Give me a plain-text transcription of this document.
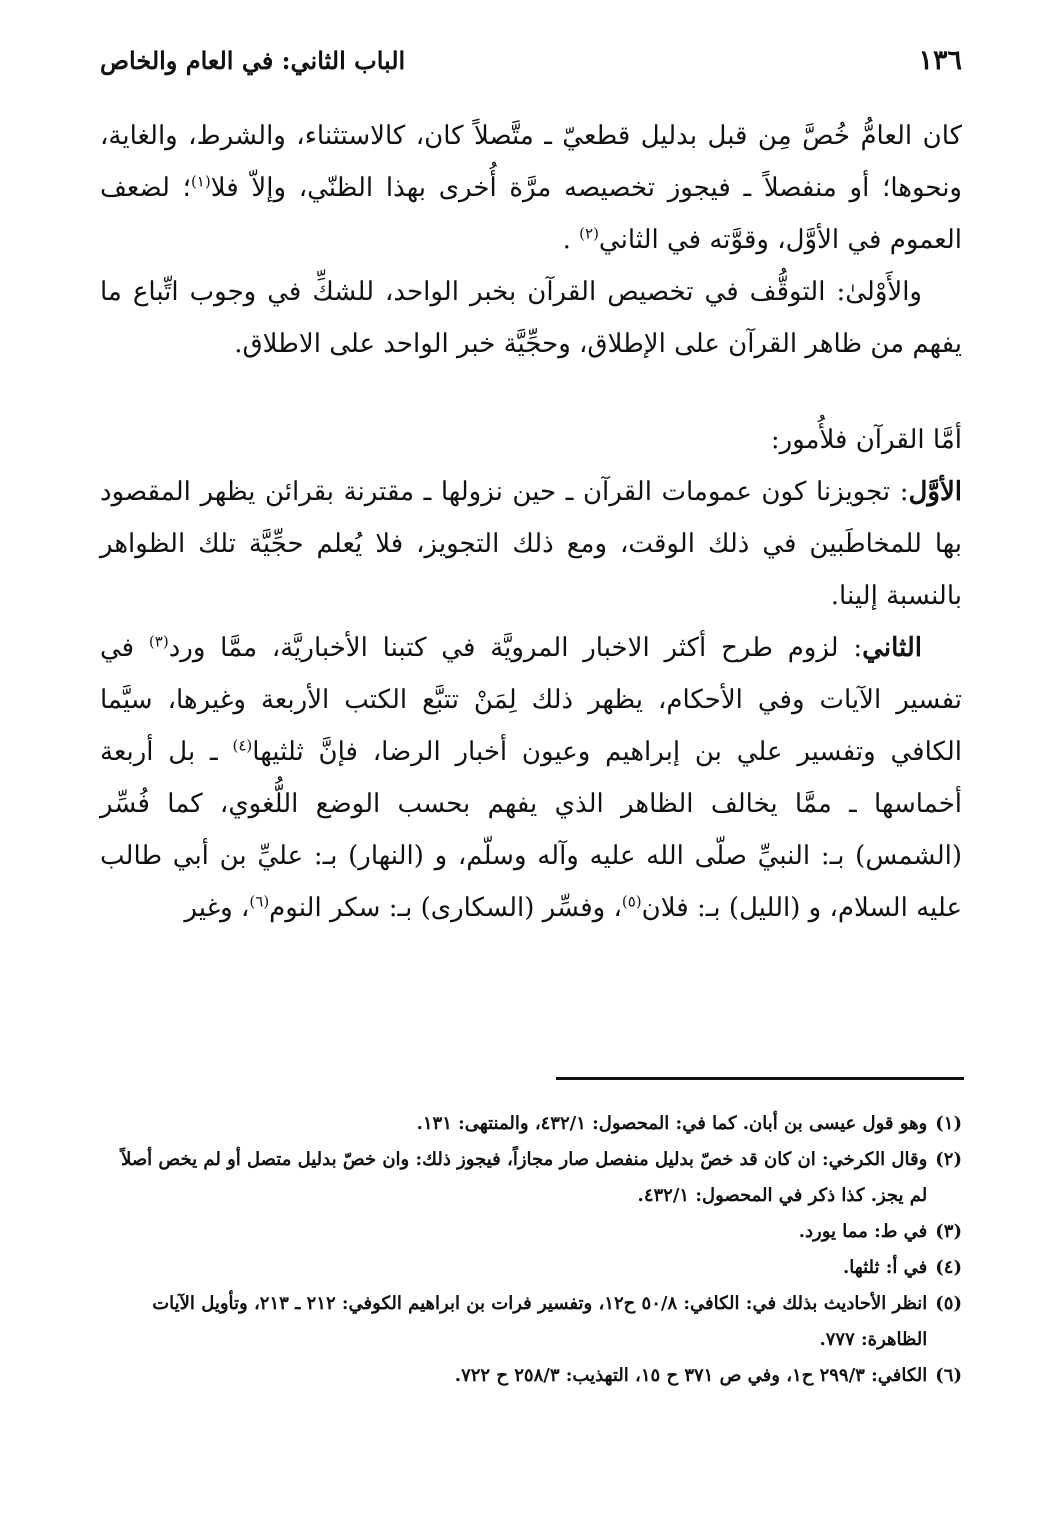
١٣٦
الباب الثاني: في العام والخاص

كان العامُّ خُصَّ مِن قبل بدليل قطعيّ ـ متَّصلاً كان، كالاستثناء، والشرط، والغاية، ونحوها؛ أو منفصلاً ـ فيجوز تخصيصه مرَّة أُخرى بهذا الظنّي، وإلاّ فلا$^{(١)}$؛ لضعف العموم في الأوَّل، وقوَّته في الثاني$^{(٢)}$ .

والأَوْلىٰ: التوقُّف في تخصيص القرآن بخبر الواحد، للشكِّ في وجوب اتِّباع ما يفهم من ظاهر القرآن على الإطلاق، وحجِّيَّة خبر الواحد على الاطلاق.

أمَّا القرآن فلأُمور:

الأوَّل: تجويزنا كون عمومات القرآن ـ حين نزولها ـ مقترنة بقرائن يظهر المقصود بها للمخاطَبين في ذلك الوقت، ومع ذلك التجويز، فلا يُعلم حجِّيَّة تلك الظواهر بالنسبة إلينا.

الثاني: لزوم طرح أكثر الاخبار المرويَّة في كتبنا الأخباريَّة، ممَّا ورد$^{(٣)}$ في تفسير الآيات وفي الأحكام، يظهر ذلك لِمَنْ تتبَّع الكتب الأربعة وغيرها، سيَّما الكافي وتفسير علي بن إبراهيم وعيون أخبار الرضا، فإنَّ ثلثيها$^{(٤)}$ ـ بل أربعة أخماسها ـ ممَّا يخالف الظاهر الذي يفهم بحسب الوضع اللُّغوي، كما فُسِّر (الشمس) بـ: النبيِّ صلّى الله عليه وآله وسلّم، و (النهار) بـ: عليِّ بن أبي طالب عليه السلام، و (الليل) بـ: فلان$^{(٥)}$، وفسِّر (السكارى) بـ: سكر النوم$^{(٦)}$، وغير

(١)
وهو قول عيسى بن أبان. كما في: المحصول: ٤٣٢/١، والمنتهى: ١٣١.
(٢)
وقال الكرخي: ان كان قد خصّ بدليل منفصل صار مجازاً، فيجوز ذلك: وان خصّ بدليل متصل أو لم يخص أصلاً لم يجز. كذا ذكر في المحصول: ٤٣٢/١.
(٣)
في ط: مما يورد.
(٤)
في أ: ثلثها.
(٥)
انظر الأحاديث بذلك في: الكافي: ٥٠/٨ ح١٢، وتفسير فرات بن ابراهيم الكوفي: ٢١٢ ـ ٢١٣، وتأويل الآيات الظاهرة: ٧٧٧.
(٦)
الكافي: ٢٩٩/٣ ح١، وفي ص ٣٧١ ح ١٥، التهذيب: ٢٥٨/٣ ح ٧٢٢.
